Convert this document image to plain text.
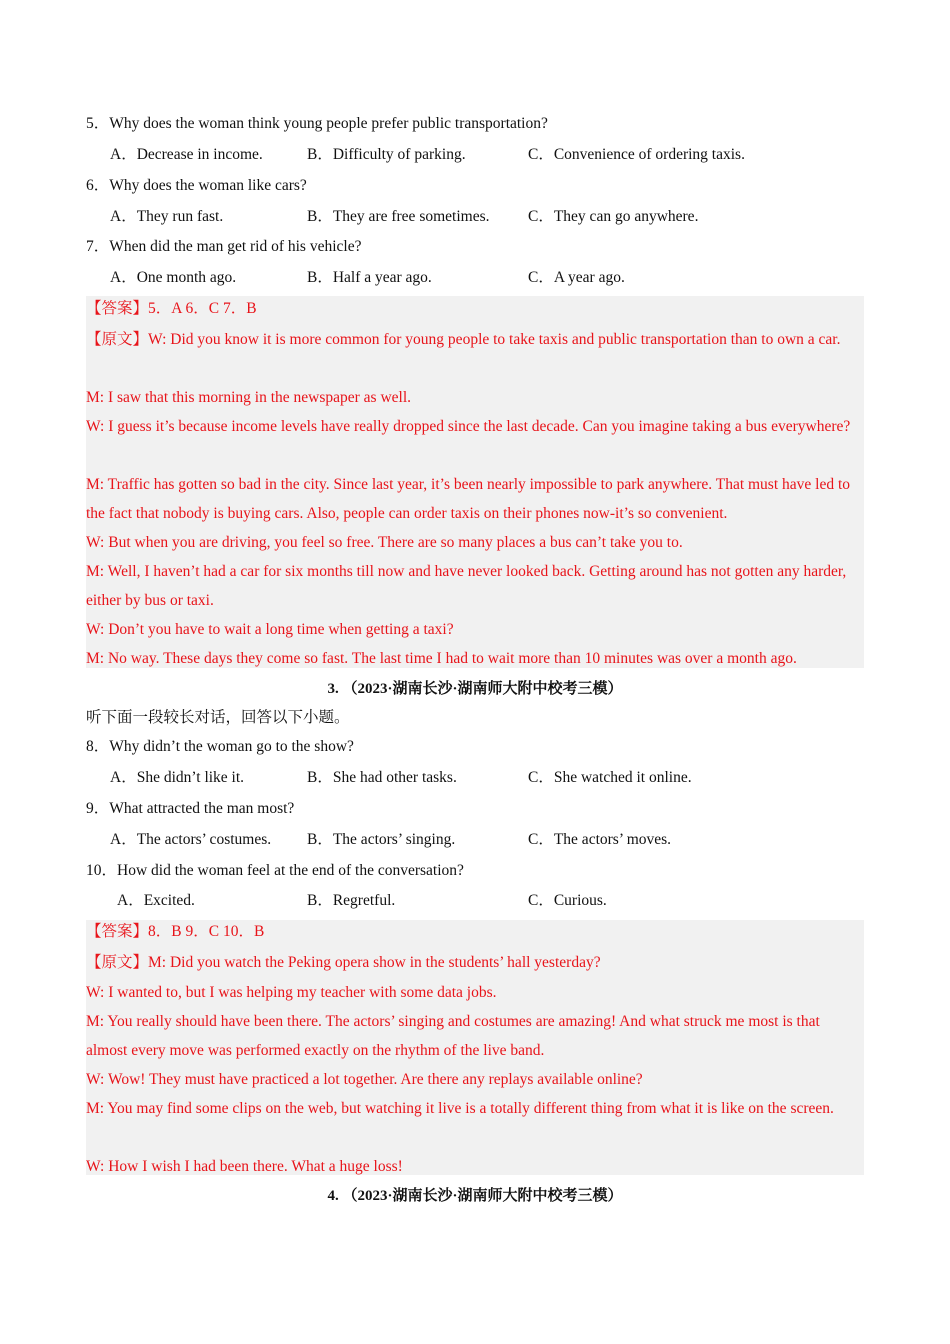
5．Why does the woman think young people prefer public transportation?
A．Decrease in income.	B．Difficulty of parking.	C．Convenience of ordering taxis.
6．Why does the woman like cars?
A．They run fast.	B．They are free sometimes. C．They can go anywhere.
7．When did the man get rid of his vehicle?
A．One month ago.	B．Half a year ago.	C．A year ago.
【答案】5．A 6．C 7．B
【原文】W: Did you know it is more common for young people to take taxis and public transportation than to own a car.
M: I saw that this morning in the newspaper as well.
W: I guess it’s because income levels have really dropped since the last decade. Can you imagine taking a bus everywhere?
M: Traffic has gotten so bad in the city. Since last year, it’s been nearly impossible to park anywhere. That must have led to the fact that nobody is buying cars. Also, people can order taxis on their phones now-it’s so convenient.
W: But when you are driving, you feel so free. There are so many places a bus can’t take you to.
M: Well, I haven’t had a car for six months till now and have never looked back. Getting around has not gotten any harder, either by bus or taxi.
W: Don’t you have to wait a long time when getting a taxi?
M: No way. These days they come so fast. The last time I had to wait more than 10 minutes was over a month ago.
3. （2023·湖南长沙·湖南师大附中校考三模）
听下面一段较长对话，回答以下小题。
8．Why didn’t the woman go to the show?
A．She didn’t like it.	B．She had other tasks.	C．She watched it online.
9．What attracted the man most?
A．The actors’ costumes. B．The actors’ singing.	C．The actors’ moves.
10．How did the woman feel at the end of the conversation?
A．Excited.	B．Regretful.	C．Curious.
【答案】8．B 9．C 10．B
【原文】M: Did you watch the Peking opera show in the students’ hall yesterday?
W: I wanted to, but I was helping my teacher with some data jobs.
M: You really should have been there. The actors’ singing and costumes are amazing! And what struck me most is that almost every move was performed exactly on the rhythm of the live band.
W: Wow! They must have practiced a lot together. Are there any replays available online?
M: You may find some clips on the web, but watching it live is a totally different thing from what it is like on the screen.
W: How I wish I had been there. What a huge loss!
4. （2023·湖南长沙·湖南师大附中校考三模）
